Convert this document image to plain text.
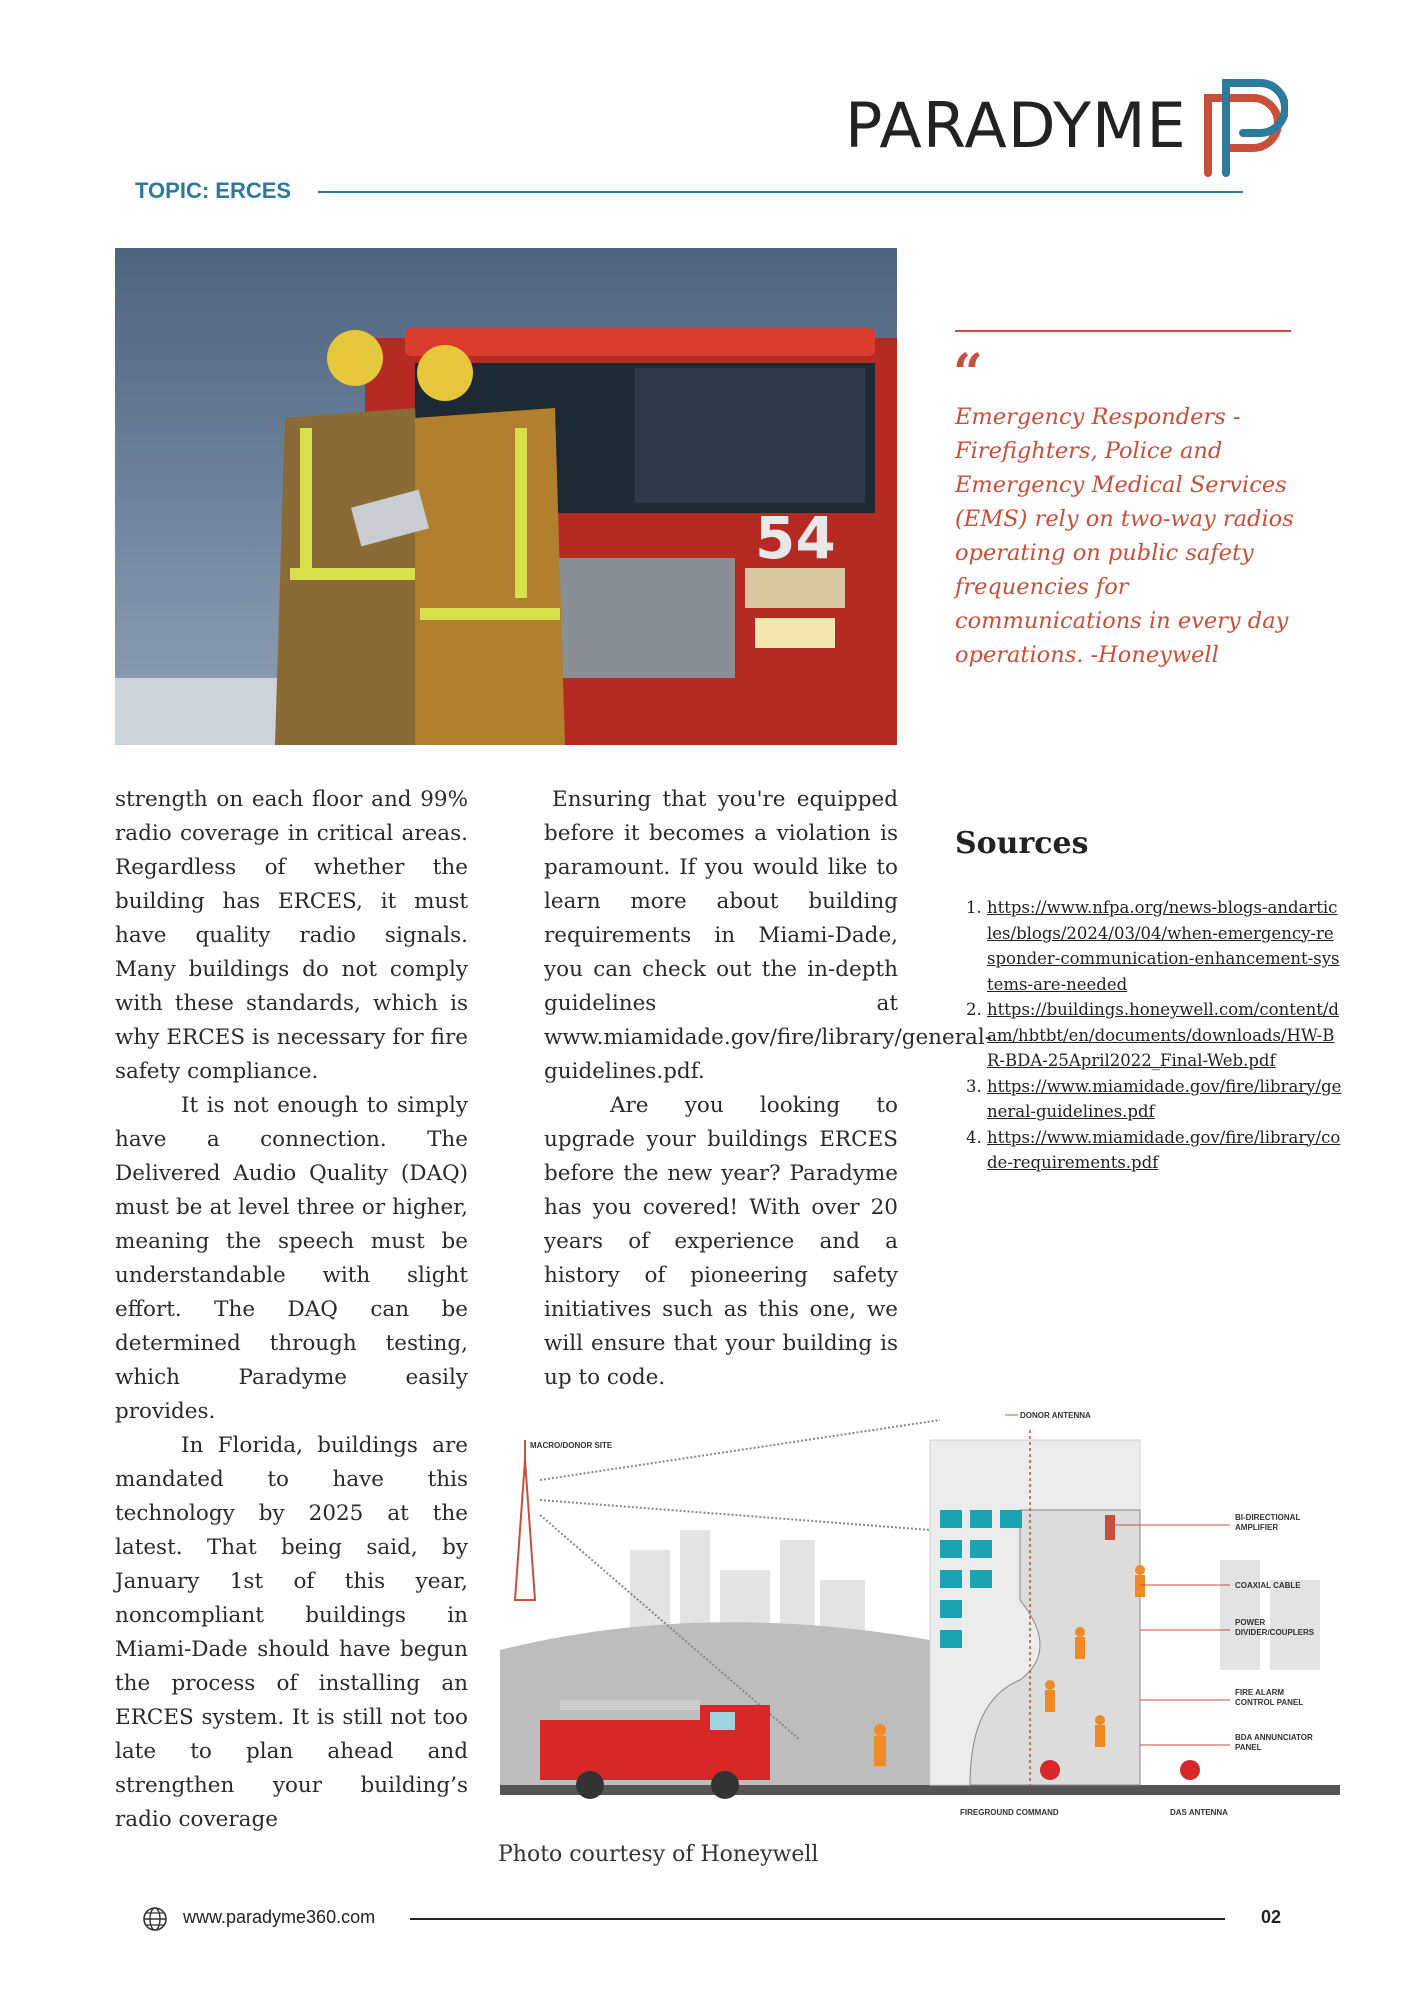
PARADYME
TOPIC: ERCES
54
“
Emergency Responders - Firefighters, Police and Emergency Medical Services (EMS) rely on two-way radios operating on public safety frequencies for communications in every day operations. -Honeywell

strength on each floor and 99% radio coverage in critical areas. Regardless of whether the building has ERCES, it must have quality radio signals. Many buildings do not comply with these standards, which is why ERCES is necessary for fire safety compliance.

It is not enough to simply have a connection. The Delivered Audio Quality (DAQ) must be at level three or higher, meaning the speech must be understandable with slight effort. The DAQ can be determined through testing, which Paradyme easily provides.

In Florida, buildings are mandated to have this technology by 2025 at the latest. That being said, by January 1st of this year, noncompliant buildings in Miami-Dade should have begun the process of installing an ERCES system. It is still not too late to plan ahead and strengthen your building’s radio coverage

Ensuring that you're equipped before it becomes a violation is paramount. If you would like to learn more about building requirements in Miami-Dade, you can check out the in-depth guidelines at www.miamidade.gov/fire/library/general-guidelines.pdf.

Are you looking to upgrade your buildings ERCES before the new year? Paradyme has you covered! With over 20 years of experience and a history of pioneering safety initiatives such as this one, we will ensure that your building is up to code.

Sources
1. https://www.nfpa.org/news-blogs-andarticles/blogs/2024/03/04/when-emergency-responder-communication-enhancement-systems-are-needed
2. https://buildings.honeywell.com/content/dam/hbtbt/en/documents/downloads/HW-BR-BDA-25April2022_Final-Web.pdf
3. https://www.miamidade.gov/fire/library/general-guidelines.pdf
4. https://www.miamidade.gov/fire/library/code-requirements.pdf
DONOR ANTENNA
MACRO/DONOR SITE
BI-DIRECTIONAL
AMPLIFIER
COAXIAL CABLE
POWER
DIVIDER/COUPLERS
FIRE ALARM
CONTROL PANEL
BDA ANNUNCIATOR
PANEL
FIREGROUND COMMAND	DAS ANTENNA
Photo courtesy of Honeywell
www.paradyme360.com	02
